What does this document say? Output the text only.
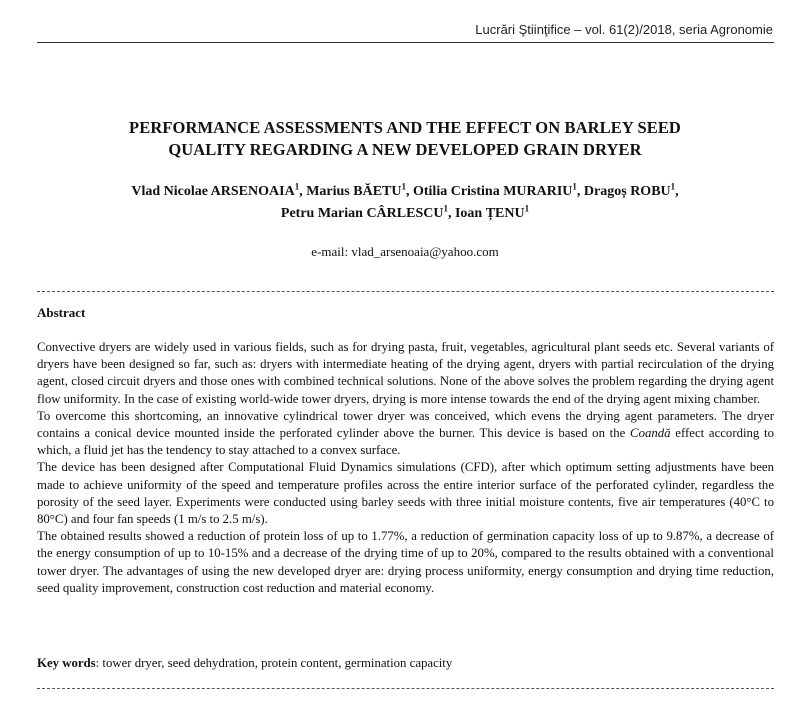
Lucrări Ştiinţifice – vol. 61(2)/2018, seria Agronomie
PERFORMANCE ASSESSMENTS AND THE EFFECT ON BARLEY SEED
QUALITY REGARDING A NEW DEVELOPED GRAIN DRYER
Vlad Nicolae ARSENOAIA$^1$, Marius BĂETU$^1$, Otilia Cristina MURARIU$^1$, Dragoș ROBU$^1$,
Petru Marian CÂRLESCU$^1$, Ioan ȚENU$^1$
e-mail: vlad_arsenoaia@yahoo.com
Abstract

Convective dryers are widely used in various fields, such as for drying pasta, fruit, vegetables, agricultural plant seeds etc. Several variants of dryers have been designed so far, such as: dryers with intermediate heating of the drying agent, dryers with partial recirculation of the drying agent, closed circuit dryers and those ones with combined technical solutions. None of the above solves the problem regarding the drying agent flow uniformity. In the case of existing world-wide tower dryers, drying is more intense towards the end of the drying agent mixing chamber.

To overcome this shortcoming, an innovative cylindrical tower dryer was conceived, which evens the drying agent parameters. The dryer contains a conical device mounted inside the perforated cylinder above the burner. This device is based on the Coandă effect according to which, a fluid jet has the tendency to stay attached to a convex surface.

The device has been designed after Computational Fluid Dynamics simulations (CFD), after which optimum setting adjustments have been made to achieve uniformity of the speed and temperature profiles across the entire interior surface of the perforated cylinder, regardless the porosity of the seed layer. Experiments were conducted using barley seeds with three initial moisture contents, five air temperatures (40°C to 80°C) and four fan speeds (1 m/s to 2.5 m/s).

The obtained results showed a reduction of protein loss of up to 1.77%, a reduction of germination capacity loss of up to 9.87%, a decrease of the energy consumption of up to 10-15% and a decrease of the drying time of up to 20%, compared to the results obtained with a conventional tower dryer. The advantages of using the new developed dryer are: drying process uniformity, energy consumption and drying time reduction, seed quality improvement, construction cost reduction and material economy.

Key words: tower dryer, seed dehydration, protein content, germination capacity
